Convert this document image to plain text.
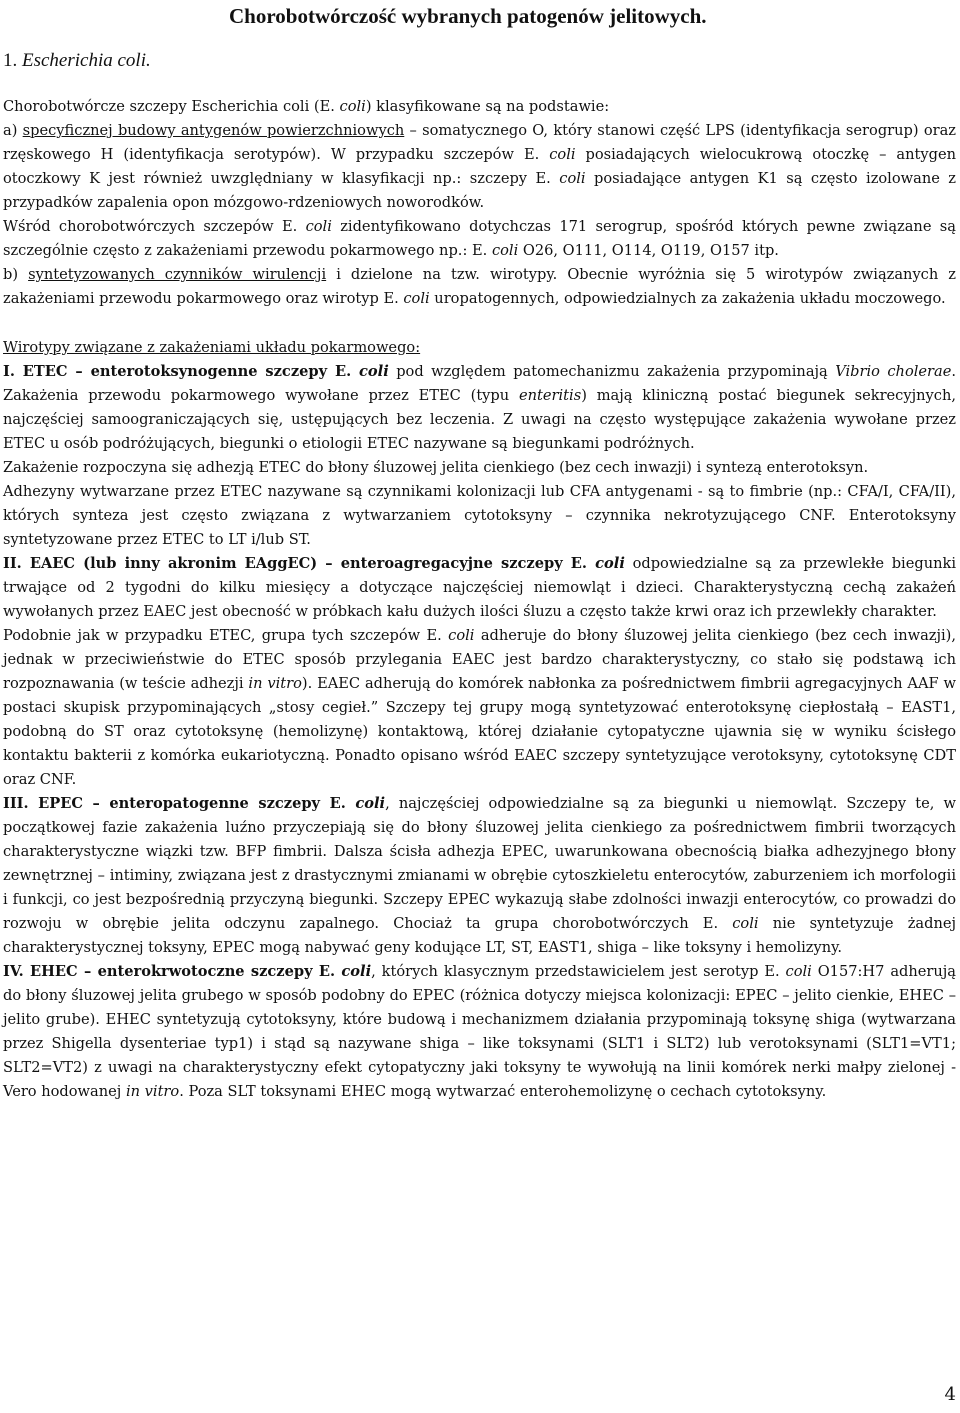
Chorobotwórczość wybranych patogenów jelitowych.
1. Escherichia coli.

Chorobotwórcze szczepy Escherichia coli (E. coli) klasyfikowane są na podstawie:

a) specyficznej budowy antygenów powierzchniowych – somatycznego O, który stanowi część LPS (identyfikacja serogrup) oraz rzęskowego H (identyfikacja serotypów). W przypadku szczepów E. coli posiadających wielocukrową otoczkę – antygen otoczkowy K jest również uwzględniany w klasyfikacji np.: szczepy E. coli posiadające antygen K1 są często izolowane z przypadków zapalenia opon mózgowo-rdzeniowych noworodków.

Wśród chorobotwórczych szczepów E. coli zidentyfikowano dotychczas 171 serogrup, spośród których pewne związane są szczególnie często z zakażeniami przewodu pokarmowego np.: E. coli O26, O111, O114, O119, O157 itp.

b) syntetyzowanych czynników wirulencji i dzielone na tzw. wirotypy. Obecnie wyróżnia się 5 wirotypów związanych z zakażeniami przewodu pokarmowego oraz wirotyp E. coli uropatogennych, odpowiedzialnych za zakażenia układu moczowego.

Wirotypy związane z zakażeniami układu pokarmowego:

I. ETEC – enterotoksynogenne szczepy E. coli pod względem patomechanizmu zakażenia przypominają Vibrio cholerae. Zakażenia przewodu pokarmowego wywołane przez ETEC (typu enteritis) mają kliniczną postać biegunek sekrecyjnych, najczęściej samoograniczających się, ustępujących bez leczenia. Z uwagi na często występujące zakażenia wywołane przez ETEC u osób podróżujących, biegunki o etiologii ETEC nazywane są biegunkami podróżnych.

Zakażenie rozpoczyna się adhezją ETEC do błony śluzowej jelita cienkiego (bez cech inwazji) i syntezą enterotoksyn.

Adhezyny wytwarzane przez ETEC nazywane są czynnikami kolonizacji lub CFA antygenami - są to fimbrie (np.: CFA/I, CFA/II), których synteza jest często związana z wytwarzaniem cytotoksyny – czynnika nekrotyzującego CNF. Enterotoksyny syntetyzowane przez ETEC to LT i/lub ST.

II. EAEC (lub inny akronim EAggEC) – enteroagregacyjne szczepy E. coli odpowiedzialne są za przewlekłe biegunki trwające od 2 tygodni do kilku miesięcy a dotyczące najczęściej niemowląt i dzieci. Charakterystyczną cechą zakażeń wywołanych przez EAEC jest obecność w próbkach kału dużych ilości śluzu a często także krwi oraz ich przewlekły charakter.

Podobnie jak w przypadku ETEC, grupa tych szczepów E. coli adheruje do błony śluzowej jelita cienkiego (bez cech inwazji), jednak w przeciwieństwie do ETEC sposób przylegania EAEC jest bardzo charakterystyczny, co stało się podstawą ich rozpoznawania (w teście adhezji in vitro). EAEC adherują do komórek nabłonka za pośrednictwem fimbrii agregacyjnych AAF w postaci skupisk przypominających „stosy cegieł.” Szczepy tej grupy mogą syntetyzować enterotoksynę ciepłostałą – EAST1, podobną do ST oraz cytotoksynę (hemolizynę) kontaktową, której działanie cytopatyczne ujawnia się w wyniku ścisłego kontaktu bakterii z komórka eukariotyczną. Ponadto opisano wśród EAEC szczepy syntetyzujące verotoksyny, cytotoksynę CDT oraz CNF.

III. EPEC – enteropatogenne szczepy E. coli, najczęściej odpowiedzialne są za biegunki u niemowląt. Szczepy te, w początkowej fazie zakażenia luźno przyczepiają się do błony śluzowej jelita cienkiego za pośrednictwem fimbrii tworzących charakterystyczne wiązki tzw. BFP fimbrii. Dalsza ścisła adhezja EPEC, uwarunkowana obecnością białka adhezyjnego błony zewnętrznej – intiminy, związana jest z drastycznymi zmianami w obrębie cytoszkieletu enterocytów, zaburzeniem ich morfologii i funkcji, co jest bezpośrednią przyczyną biegunki. Szczepy EPEC wykazują słabe zdolności inwazji enterocytów, co prowadzi do rozwoju w obrębie jelita odczynu zapalnego. Chociaż ta grupa chorobotwórczych E. coli nie syntetyzuje żadnej charakterystycznej toksyny, EPEC mogą nabywać geny kodujące LT, ST, EAST1, shiga – like toksyny i hemolizyny.

IV. EHEC – enterokrwotoczne szczepy E. coli, których klasycznym przedstawicielem jest serotyp E. coli O157:H7 adherują do błony śluzowej jelita grubego w sposób podobny do EPEC (różnica dotyczy miejsca kolonizacji: EPEC – jelito cienkie, EHEC – jelito grube). EHEC syntetyzują cytotoksyny, które budową i mechanizmem działania przypominają toksynę shiga (wytwarzana przez Shigella dysenteriae typ1) i stąd są nazywane shiga – like toksynami (SLT1 i SLT2) lub verotoksynami (SLT1=VT1; SLT2=VT2) z uwagi na charakterystyczny efekt cytopatyczny jaki toksyny te wywołują na linii komórek nerki małpy zielonej - Vero hodowanej in vitro. Poza SLT toksynami EHEC mogą wytwarzać enterohemolizynę o cechach cytotoksyny.

4
